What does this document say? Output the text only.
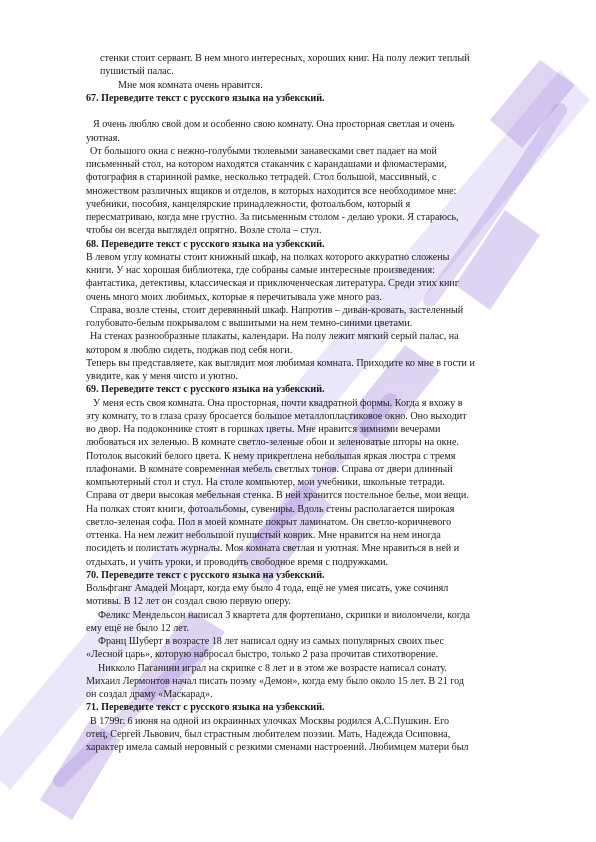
стенки стоит сервант. В нем много интересных, хороших книг. На полу лежит теплый
пушистый палас.
Мне моя комната очень нравится.
67. Переведите текст с русского языка на узбекский.
Я очень люблю свой дом и особенно свою комнату. Она просторная светлая и очень
уютная.
От большого окна с нежно-голубыми тюлевыми занавесками свет падает на мой
письменный стол, на котором находятся стаканчик с карандашами и фломастерами,
фотография в старинной рамке, несколько тетрадей. Стол большой, массивный, с
множеством различных ящиков и отделов, в которых находится все необходимое мне:
учебники, пособия, канцелярские принадлежности, фотоальбом, который я
пересматриваю, когда мне грустно. За письменным столом - делаю уроки. Я стараюсь,
чтобы он всегда выглядел опрятно. Возле стола – стул.
68. Переведите текст с русского языка на узбекский.
В левом углу комнаты стоит книжный шкаф, на полках которого аккуратно сложены
книги. У нас хорошая библиотека, где собраны самые интересные произведения:
фантастика, детективы, классическая и приключенческая литература. Среди этих книг
очень много моих любимых, которые я перечитывала уже много раз.
Справа, возле стены, стоит деревянный шкаф. Напротив – диван-кровать, застеленный
голубовато-белым покрывалом с вышитыми на нем темно-синими цветами.
На стенах разнообразные плакаты, календари. На полу лежит мягкий серый палас, на
котором я люблю сидеть, поджав под себя ноги.
Теперь вы представляете, как выглядит моя любимая комната. Приходите ко мне в гости и
увидите, как у меня чисто и уютно.
69. Переведите текст с русского языка на узбекский.
У меня есть своя комната. Она просторная, почти квадратной формы. Когда я вхожу в
эту комнату, то в глаза сразу бросается большое металлопластиковое окно. Оно выходит
во двор. На подоконнике стоят в горшках цветы. Мне нравится зимними вечерами
любоваться их зеленью. В комнате светло-зеленые обои и зеленоватые шторы на окне.
Потолок высокий белого цвета. К нему прикреплена небольшая яркая люстра с тремя
плафонами. В комнате современная мебель светлых тонов. Справа от двери длинный
компьютерный стол и стул. На столе компьютер, мои учебники, школьные тетради.
Справа от двери высокая мебельная стенка. В ней хранится постельное белье, мои вещи.
На полках стоят книги, фотоальбомы, сувениры. Вдоль стены располагается широкая
светло-зеленая софа. Пол в моей комнате покрыт ламинатом. Он светло-коричневого
оттенка. На нем лежит небольшой пушистый коврик. Мне нравится на нем иногда
посидеть и полистать журналы. Моя комната светлая и уютная. Мне нравиться в ней и
отдыхать, и учить уроки, и проводить свободное время с подружками.
70. Переведите текст с русского языка на узбекский.
Вольфганг Амадей Моцарт, когда ему было 4 года, ещё не умея писать, уже сочинял
мотивы. В 12 лет он создал свою первую оперу.
Феликс Мендельсон написал 3 квартета для фортепиано, скрипки и виолончели, когда
ему ещё не было 12 лет.
Франц Шуберт в возрасте 18 лет написал одну из самых популярных своих пьес
«Лесной царь», которую набросал быстро, только 2 раза прочитав стихотворение.
Никколо Паганини играл на скрипке с 8 лет и в этом же возрасте написал сонату.
Михаил Лермонтов начал писать поэму «Демон», когда ему было около 15 лет. В 21 год
он создал драму «Маскарад».
71. Переведите текст с русского языка на узбекский.
В 1799г. 6 июня на одной из окраинных улочках Москвы родился А.С.Пушкин. Его
отец, Сергей Львович, был страстным любителем поэзии. Мать, Надежда Осиповна,
характер имела самый неровный с резкими сменами настроений. Любимцем матери был
